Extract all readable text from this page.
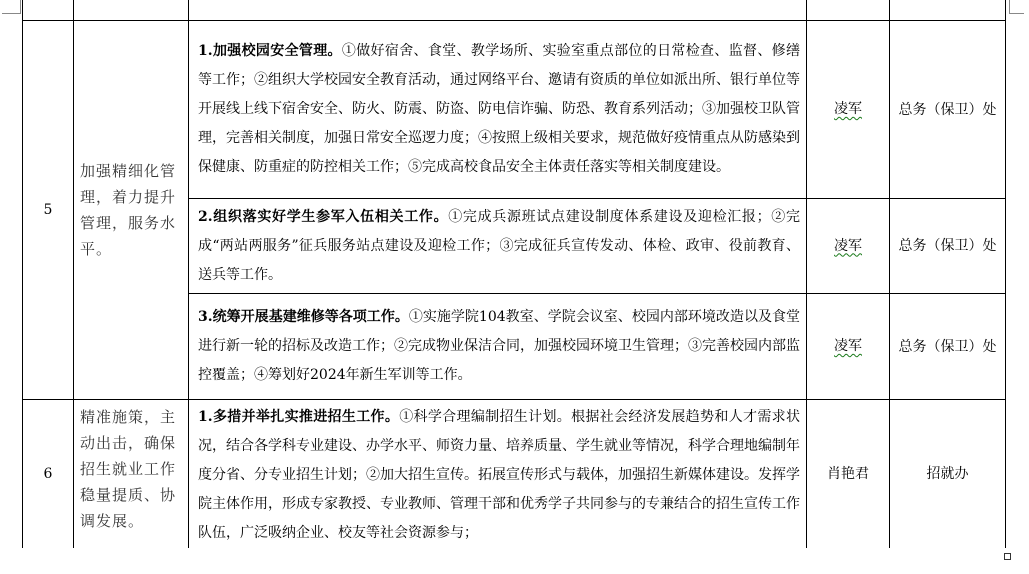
5	加强精细化管理，着力提升管理，服务水平。	1.加强校园安全管理。①做好宿舍、食堂、教学场所、实验室重点部位的日常检查、监督、修缮等工作；②组织大学校园安全教育活动，通过网络平台、邀请有资质的单位如派出所、银行单位等开展线上线下宿舍安全、防火、防震、防盗、防电信诈骗、防恐、教育系列活动；③加强校卫队管理，完善相关制度，加强日常安全巡逻力度；④按照上级相关要求，规范做好疫情重点从防感染到保健康、防重症的防控相关工作；⑤完成高校食品安全主体责任落实等相关制度建设。	凌军	总务（保卫）处
		2.组织落实好学生参军入伍相关工作。①完成兵源班试点建设制度体系建设及迎检汇报；②完成“两站两服务”征兵服务站点建设及迎检工作；③完成征兵宣传发动、体检、政审、役前教育、送兵等工作。	凌军	总务（保卫）处
		3.统筹开展基建维修等各项工作。①实施学院104教室、学院会议室、校园内部环境改造以及食堂进行新一轮的招标及改造工作；②完成物业保洁合同，加强校园环境卫生管理；③完善校园内部监控覆盖；④筹划好2024年新生军训等工作。	凌军	总务（保卫）处
6	精准施策，主动出击，确保招生就业工作稳量提质、协调发展。	1.多措并举扎实推进招生工作。①科学合理编制招生计划。根据社会经济发展趋势和人才需求状况，结合各学科专业建设、办学水平、师资力量、培养质量、学生就业等情况，科学合理地编制年度分省、分专业招生计划；②加大招生宣传。拓展宣传形式与载体，加强招生新媒体建设。发挥学院主体作用，形成专家教授、专业教师、管理干部和优秀学子共同参与的专兼结合的招生宣传工作队伍，广泛吸纳企业、校友等社会资源参与；	肖艳君	招就办
